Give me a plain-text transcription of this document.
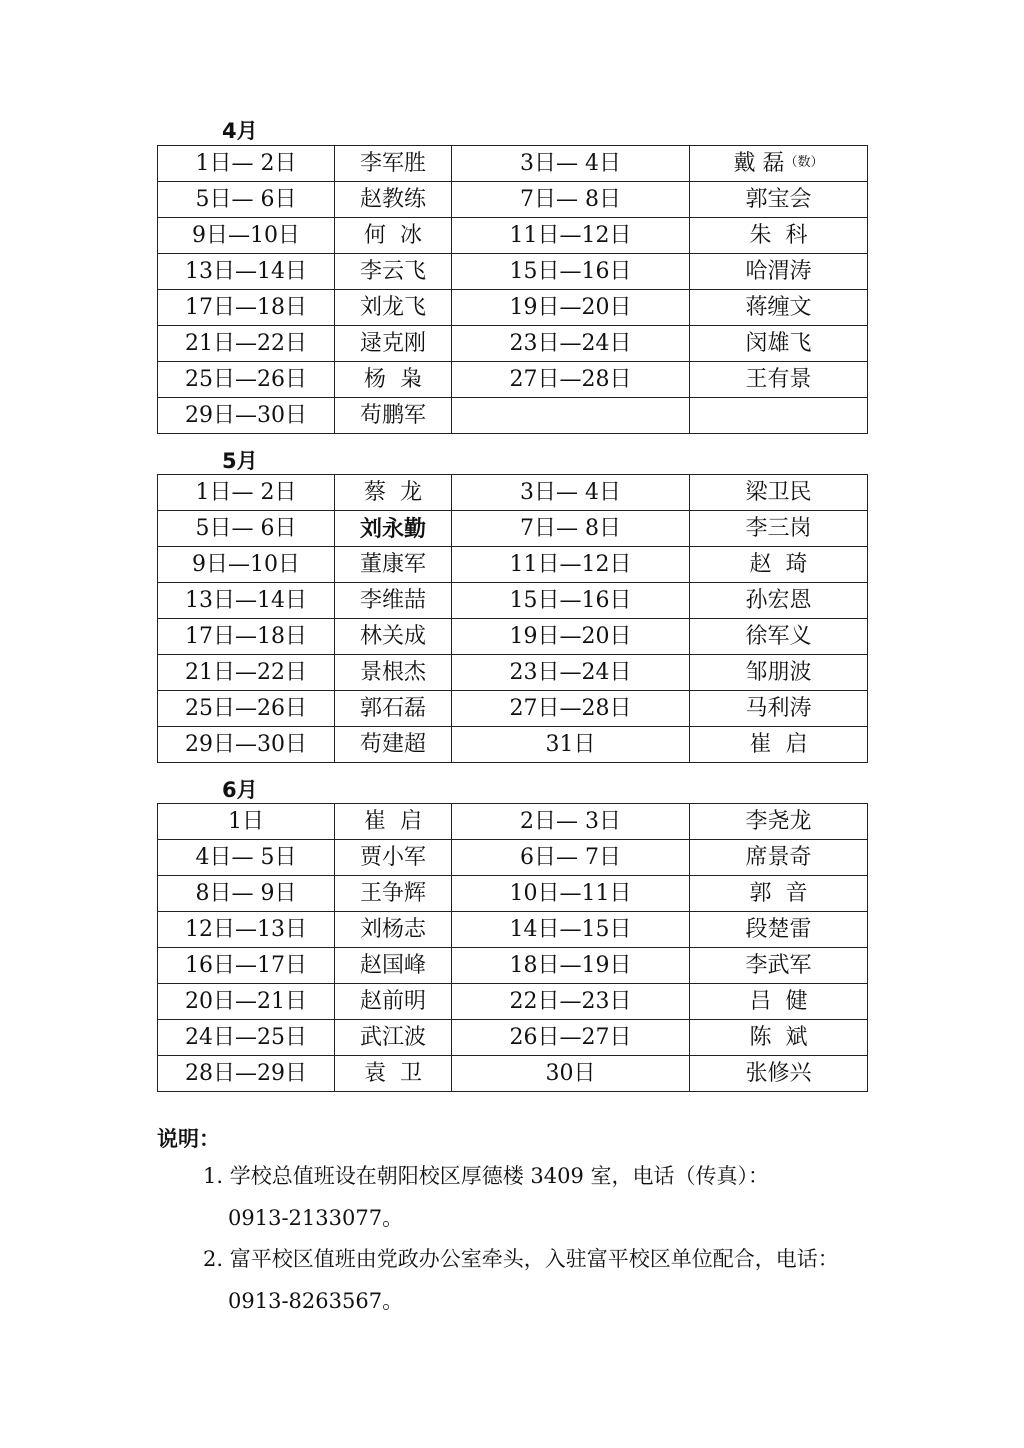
4月
1日— 2日	李军胜	3日— 4日	戴 磊（数）
5日— 6日	赵教练	7日— 8日	郭宝会
9日—10日	何  冰	11日—12日	朱  科
13日—14日	李云飞	15日—16日	哈渭涛
17日—18日	刘龙飞	19日—20日	蒋缠文
21日—22日	逯克刚	23日—24日	闵雄飞
25日—26日	杨  枭	27日—28日	王有景
29日—30日	苟鹏军		
5月
1日— 2日	蔡  龙	3日— 4日	梁卫民
5日— 6日	刘永勤	7日— 8日	李三岗
9日—10日	董康军	11日—12日	赵  琦
13日—14日	李维喆	15日—16日	孙宏恩
17日—18日	林关成	19日—20日	徐军义
21日—22日	景根杰	23日—24日	邹朋波
25日—26日	郭石磊	27日—28日	马利涛
29日—30日	苟建超	31日	崔  启
6月
1日	崔  启	2日— 3日	李尧龙
4日— 5日	贾小军	6日— 7日	席景奇
8日— 9日	王争辉	10日—11日	郭  音
12日—13日	刘杨志	14日—15日	段楚雷
16日—17日	赵国峰	18日—19日	李武军
20日—21日	赵前明	22日—23日	吕  健
24日—25日	武江波	26日—27日	陈  斌
28日—29日	袁  卫	30日	张修兴
说明：
1. 学校总值班设在朝阳校区厚德楼 3409 室，电话（传真）：
0913-2133077。
2. 富平校区值班由党政办公室牵头，入驻富平校区单位配合，电话：
0913-8263567。
